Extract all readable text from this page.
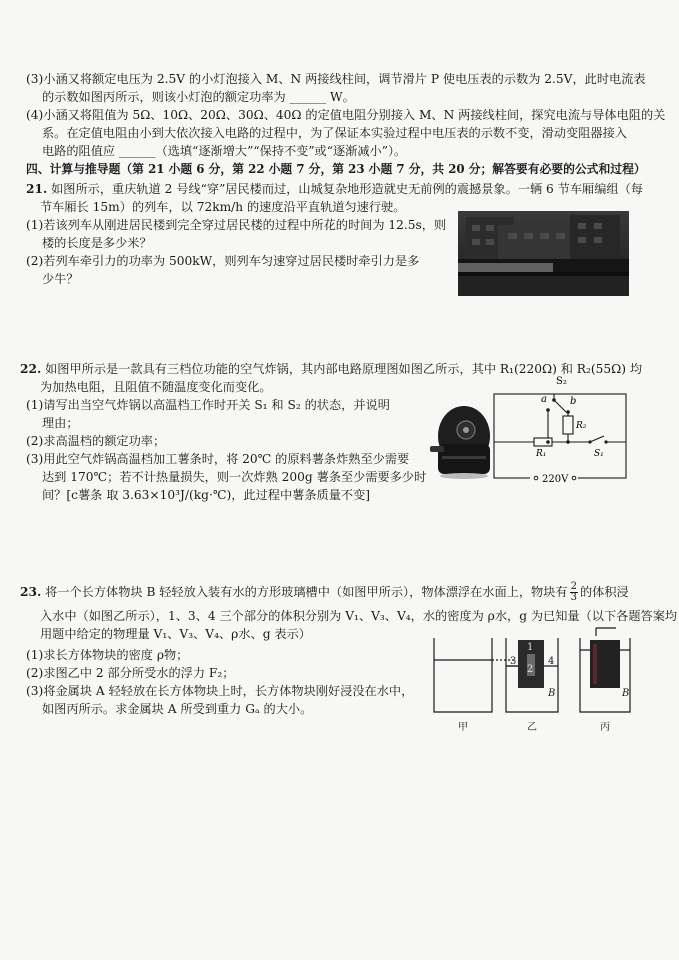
(3)小涵又将额定电压为 2.5V 的小灯泡接入 M、N 两接线柱间，调节滑片 P 使电压表的示数为 2.5V，此时电流表
的示数如图丙所示，则该小灯泡的额定功率为 ______ W。
(4)小涵又将阻值为 5Ω、10Ω、20Ω、30Ω、40Ω 的定值电阻分别接入 M、N 两接线柱间，探究电流与导体电阻的关
系。在定值电阻由小到大依次接入电路的过程中，为了保证本实验过程中电压表的示数不变，滑动变阻器接入
电路的阻值应 ______（选填“逐渐增大”“保持不变”或“逐渐减小”）。
四、计算与推导题（第 21 小题 6 分，第 22 小题 7 分，第 23 小题 7 分，共 20 分；解答要有必要的公式和过程）
21. 如图所示，重庆轨道 2 号线“穿”居民楼而过，山城复杂地形造就史无前例的震撼景象。一辆 6 节车厢编组（每
节车厢长 15m）的列车，以 72km/h 的速度沿平直轨道匀速行驶。
(1)若该列车从刚进居民楼到完全穿过居民楼的过程中所花的时间为 12.5s，则
楼的长度是多少米？
(2)若列车牵引力的功率为 500kW，则列车匀速穿过居民楼时牵引力是多
少牛？
22. 如图甲所示是一款具有三档位功能的空气炸锅，其内部电路原理图如图乙所示，其中 R₁(220Ω) 和 R₂(55Ω) 均
为加热电阻，且阻值不随温度变化而变化。
(1)请写出当空气炸锅以高温档工作时开关 S₁ 和 S₂ 的状态，并说明
理由；
(2)求高温档的额定功率；
(3)用此空气炸锅高温档加工薯条时，将 20℃ 的原料薯条炸熟至少需要
达到 170℃；若不计热量损失，则一次炸熟 200g 薯条至少需要多少时
间？[c薯条 取 3.63×10³J/(kg·℃)，此过程中薯条质量不变]
S₂
a b
R₂
R₁	S₁
220V
23. 将一个长方体物块 B 轻轻放入装有水的方形玻璃槽中（如图甲所示），物体漂浮在水面上，物块有 $\frac{2}{3}$ 的体积浸
入水中（如图乙所示），1、3、4 三个部分的体积分别为 V₁、V₃、V₄，水的密度为 ρ水，g 为已知量（以下各题答案均
用题中给定的物理量 V₁、V₃、V₄、ρ水、g 表示）
(1)求长方体物块的密度 ρ物；
(2)求图乙中 2 部分所受水的浮力 F₂；
(3)将金属块 A 轻轻放在长方体物块上时，长方体物块刚好浸没在水中，
如图丙所示。求金属块 A 所受到重力 Gₐ 的大小。
3
1
4
2
B	B
甲	乙	丙
